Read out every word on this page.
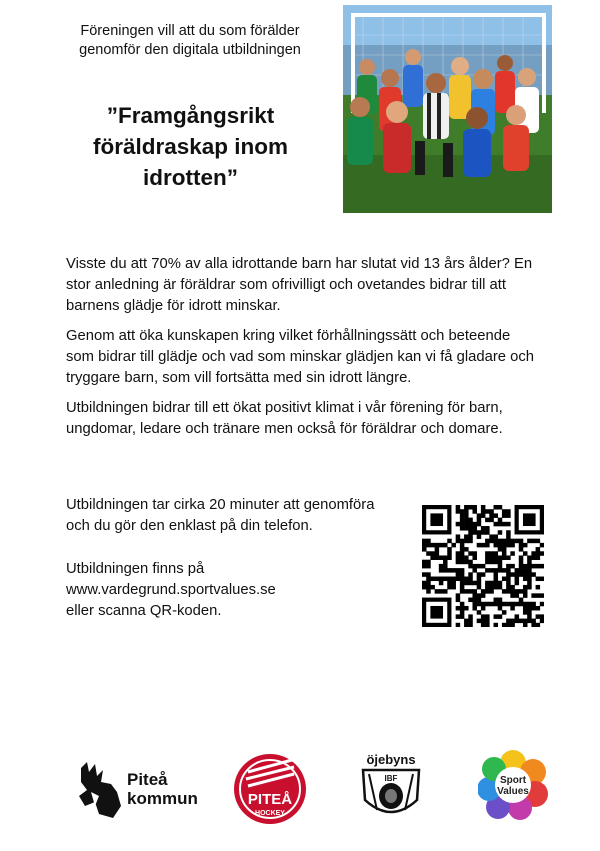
Föreningen vill att du som förälder
genomför den digitala utbildningen
”Framgångsrikt
föräldraskap inom
idrotten”

Visste du att 70% av alla idrottande barn har slutat vid 13 års ålder? En stor anledning är föräldrar som ofrivilligt och ovetandes bidrar till att barnens glädje för idrott minskar.

Genom att öka kunskapen kring vilket förhållningssätt och beteende som bidrar till glädje och vad som minskar glädjen kan vi få gladare och tryggare barn, som vill fortsätta med sin idrott längre.

Utbildningen bidrar till ett ökat positivt klimat i vår förening för barn, ungdomar, ledare och tränare men också för föräldrar och domare.

Utbildningen tar cirka 20 minuter att genomföra och du gör den enklast på din telefon.

Utbildningen finns på
www.vardegrund.sportvalues.se
eller scanna QR-koden.

Piteå
kommun	PITEÅ
HOCKEY
öjebyns
IBF	Sport
Values
